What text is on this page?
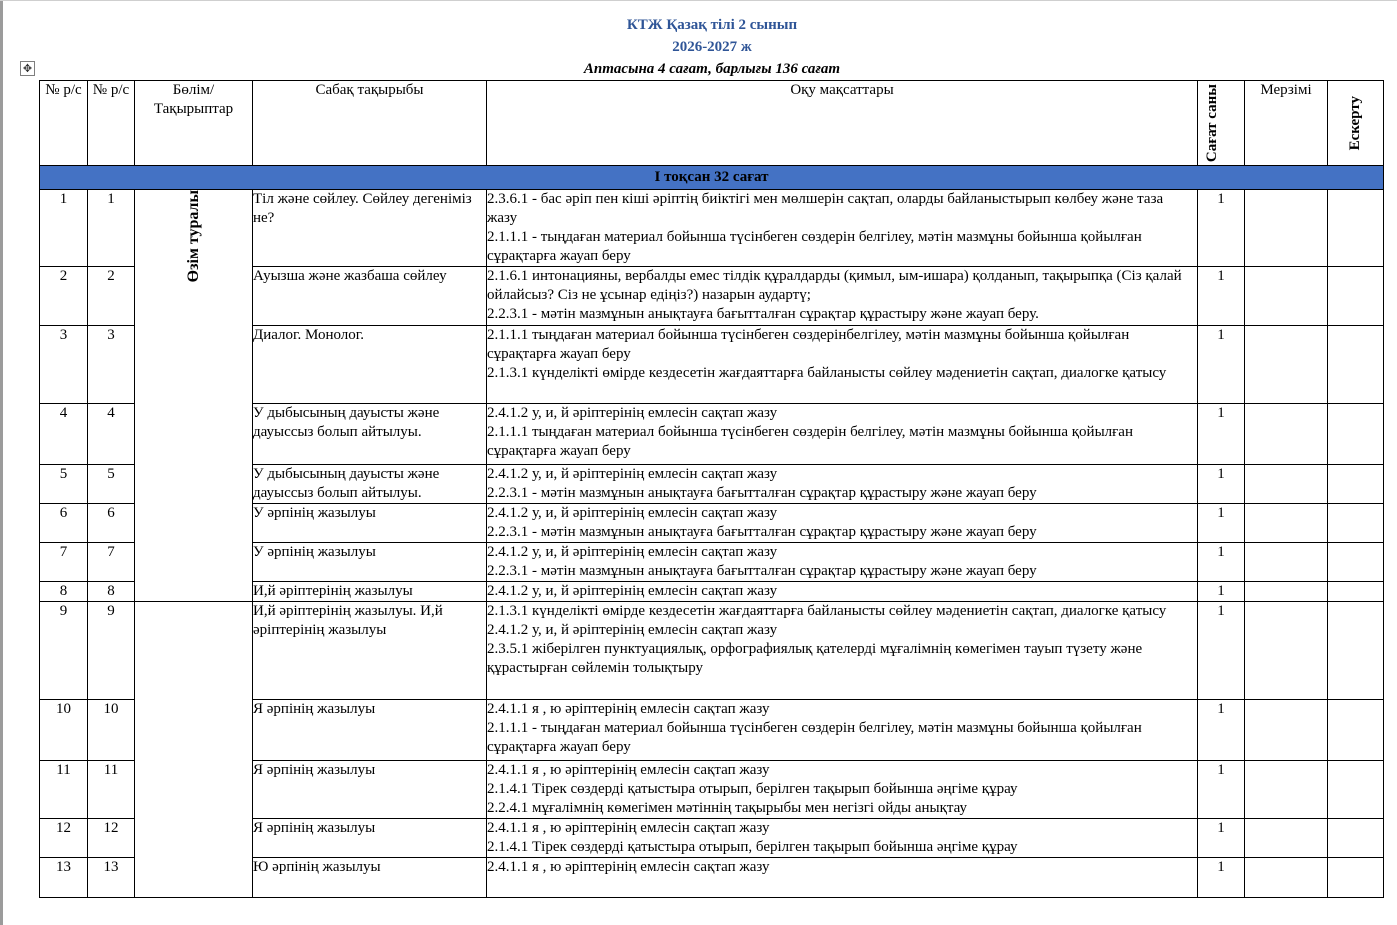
КТЖ Қазақ тілі 2 сынып
2026-2027 ж
Аптасына 4 сағат, барлығы 136 сағат
✥
№ р/с	№ р/с	Бөлім/ Тақырыптар	Сабақ тақырыбы	Оқу мақсаттары	Сағат саны	Мерзімі	Ескерту

I тоқсан 32 сағат							
1	1	Өзім туралы	Тіл және сөйлеу. Сөйлеу дегеніміз не?	2.3.6.1 - бас әріп пен кіші әріптің биіктігі мен мөлшерін сақтап, оларды байланыстырып көлбеу және таза жазу
2.1.1.1 - тыңдаған материал бойынша түсінбеген сөздерін белгілеу, мәтін мазмұны бойынша қойылған сұрақтарға жауап беру	1		
2	2		Ауызша және жазбаша сөйлеу	2.1.6.1 интонацияны, вербалды емес тілдік құралдарды (қимыл, ым-ишара) қолданып, тақырыпқа (Сіз қалай ойлайсыз? Сіз не ұсынар едіңіз?) назарын аудартү;
2.2.3.1 - мәтін мазмұнын анықтауға бағытталған сұрақтар құрастыру және жауап беру.	1		
3	3		Диалог. Монолог.	2.1.1.1 тыңдаған материал бойынша түсінбеген сөздерінбелгілеу, мәтін мазмұны бойынша қойылған сұрақтарға жауап беру
2.1.3.1 күнделікті өмірде кездесетін жағдаяттарға байланысты сөйлеу мәдениетін сақтап, диалогке қатысу	1		
4	4		У дыбысының дауысты және дауыссыз болып айтылуы.	2.4.1.2 у, и, й әріптерінің емлесін сақтап жазу
2.1.1.1 тыңдаған материал бойынша түсінбеген сөздерін белгілеу, мәтін мазмұны бойынша қойылған сұрақтарға жауап беру	1		
5	5		У дыбысының дауысты және дауыссыз болып айтылуы.	2.4.1.2 у, и, й әріптерінің емлесін сақтап жазу
2.2.3.1 - мәтін мазмұнын анықтауға бағытталған сұрақтар құрастыру және жауап беру	1		
6	6		У әрпінің жазылуы	2.4.1.2 у, и, й әріптерінің емлесін сақтап жазу
2.2.3.1 - мәтін мазмұнын анықтауға бағытталған сұрақтар құрастыру және жауап беру	1		
7	7		У әрпінің жазылуы	2.4.1.2 у, и, й әріптерінің емлесін сақтап жазу
2.2.3.1 - мәтін мазмұнын анықтауға бағытталған сұрақтар құрастыру және жауап беру	1		
8	8		И,й әріптерінің жазылуы	2.4.1.2 у, и, й әріптерінің емлесін сақтап жазу	1		
9	9		И,й әріптерінің жазылуы. И,й әріптерінің жазылуы	2.1.3.1 күнделікті өмірде кездесетін жағдаяттарға байланысты сөйлеу мәдениетін сақтап, диалогке қатысу
2.4.1.2 у, и, й әріптерінің емлесін сақтап жазу
2.3.5.1 жіберілген пунктуациялық, орфографиялық қателерді мұғалімнің көмегімен тауып түзету және құрастырған сөйлемін толықтыру	1		
10	10		Я әрпінің жазылуы	2.4.1.1 я , ю әріптерінің емлесін сақтап жазу
2.1.1.1 - тыңдаған материал бойынша түсінбеген сөздерін белгілеу, мәтін мазмұны бойынша қойылған сұрақтарға жауап беру	1		
11	11		Я әрпінің жазылуы	2.4.1.1 я , ю әріптерінің емлесін сақтап жазу
2.1.4.1 Тірек сөздерді қатыстыра отырып, берілген тақырып бойынша әңгіме құрау
2.2.4.1 мұғалімнің көмегімен мәтіннің тақырыбы мен негізгі ойды анықтау	1		
12	12		Я әрпінің жазылуы	2.4.1.1 я , ю әріптерінің емлесін сақтап жазу
2.1.4.1 Тірек сөздерді қатыстыра отырып, берілген тақырып бойынша әңгіме құрау	1		
13	13		Ю әрпінің жазылуы	2.4.1.1 я , ю әріптерінің емлесін сақтап жазу	1		
